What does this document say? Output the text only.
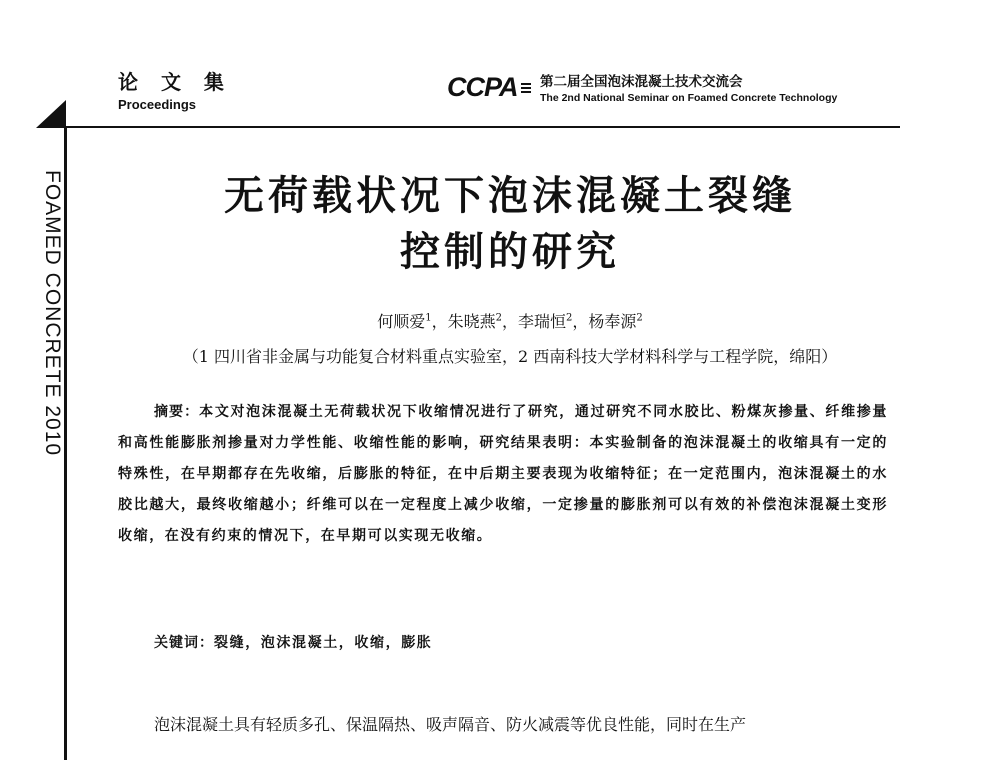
论 文 集
Proceedings
CCPA 第二届全国泡沫混凝土技术交流会
The 2nd National Seminar on Foamed Concrete Technology
FOAMED CONCRETE 2010	无荷载状况下泡沫混凝土裂缝
控制的研究
何顺爱$^1$，朱晓燕$^2$，李瑞恒$^2$，杨奉源$^2$
（1 四川省非金属与功能复合材料重点实验室，2 西南科技大学材料科学与工程学院，绵阳）
摘要：本文对泡沫混凝土无荷载状况下收缩情况进行了研究，通过研究不同水胶比、粉煤灰掺量、纤维掺量和高性能膨胀剂掺量对力学性能、收缩性能的影响，研究结果表明：本实验制备的泡沫混凝土的收缩具有一定的特殊性，在早期都存在先收缩，后膨胀的特征，在中后期主要表现为收缩特征；在一定范围内，泡沫混凝土的水胶比越大，最终收缩越小；纤维可以在一定程度上减少收缩，一定掺量的膨胀剂可以有效的补偿泡沫混凝土变形收缩，在没有约束的情况下，在早期可以实现无收缩。
关键词：裂缝，泡沫混凝土，收缩，膨胀
泡沫混凝土具有轻质多孔、保温隔热、吸声隔音、防火减震等优良性能，同时在生产
